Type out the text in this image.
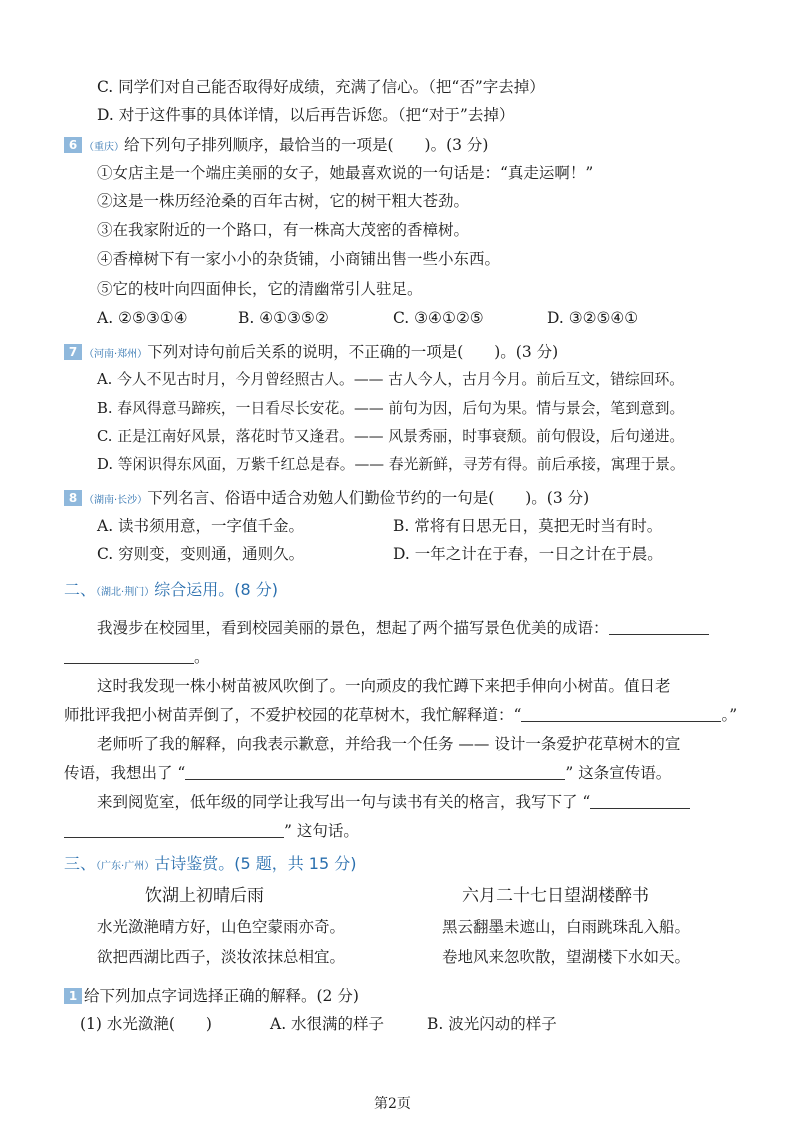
C. 同学们对自己能否取得好成绩，充满了信心。（把“否”字去掉）
D. 对于这件事的具体详情，以后再告诉您。（把“对于”去掉）
6 （重庆）给下列句子排列顺序，最恰当的一项是(　　)。(3 分)
①女店主是一个端庄美丽的女子，她最喜欢说的一句话是：“真走运啊！”
②这是一株历经沧桑的百年古树，它的树干粗大苍劲。
③在我家附近的一个路口，有一株高大茂密的香樟树。
④香樟树下有一家小小的杂货铺，小商铺出售一些小东西。
⑤它的枝叶向四面伸长，它的清幽常引人驻足。
A. ②⑤③①④	B. ④①③⑤②	C. ③④①②⑤	D. ③②⑤④①
7 （河南·郑州）下列对诗句前后关系的说明，不正确的一项是(　　)。(3 分)
A. 今人不见古时月，今月曾经照古人。—— 古人今人，古月今月。前后互文，错综回环。
B. 春风得意马蹄疾，一日看尽长安花。—— 前句为因，后句为果。情与景会，笔到意到。
C. 正是江南好风景，落花时节又逢君。—— 风景秀丽，时事衰颓。前句假设，后句递进。
D. 等闲识得东风面，万紫千红总是春。—— 春光新鲜，寻芳有得。前后承接，寓理于景。
8 （湖南·长沙）下列名言、俗语中适合劝勉人们勤俭节约的一句是(　　)。(3 分)
A. 读书须用意，一字值千金。	B. 常将有日思无日，莫把无时当有时。
C. 穷则变，变则通，通则久。	D. 一年之计在于春，一日之计在于晨。
二、（湖北·荆门）综合运用。(8 分)
我漫步在校园里，看到校园美丽的景色，想起了两个描写景色优美的成语：
。
这时我发现一株小树苗被风吹倒了。一向顽皮的我忙蹲下来把手伸向小树苗。值日老
师批评我把小树苗弄倒了，不爱护校园的花草树木，我忙解释道：“	。”
老师听了我的解释，向我表示歉意，并给我一个任务 —— 设计一条爱护花草树木的宣
传语，我想出了 “	” 这条宣传语。
来到阅览室，低年级的同学让我写出一句与读书有关的格言，我写下了 “
” 这句话。
三、（广东·广州）古诗鉴赏。(5 题，共 15 分)
饮湖上初晴后雨	六月二十七日望湖楼醉书
水光潋滟晴方好，山色空蒙雨亦奇。
欲把西湖比西子，淡妆浓抹总相宜。
黑云翻墨未遮山，白雨跳珠乱入船。
卷地风来忽吹散，望湖楼下水如天。
1 给下列加点字词选择正确的解释。(2 分)
(1) 水光潋滟(　　)	A. 水很满的样子	B. 波光闪动的样子
第2页
